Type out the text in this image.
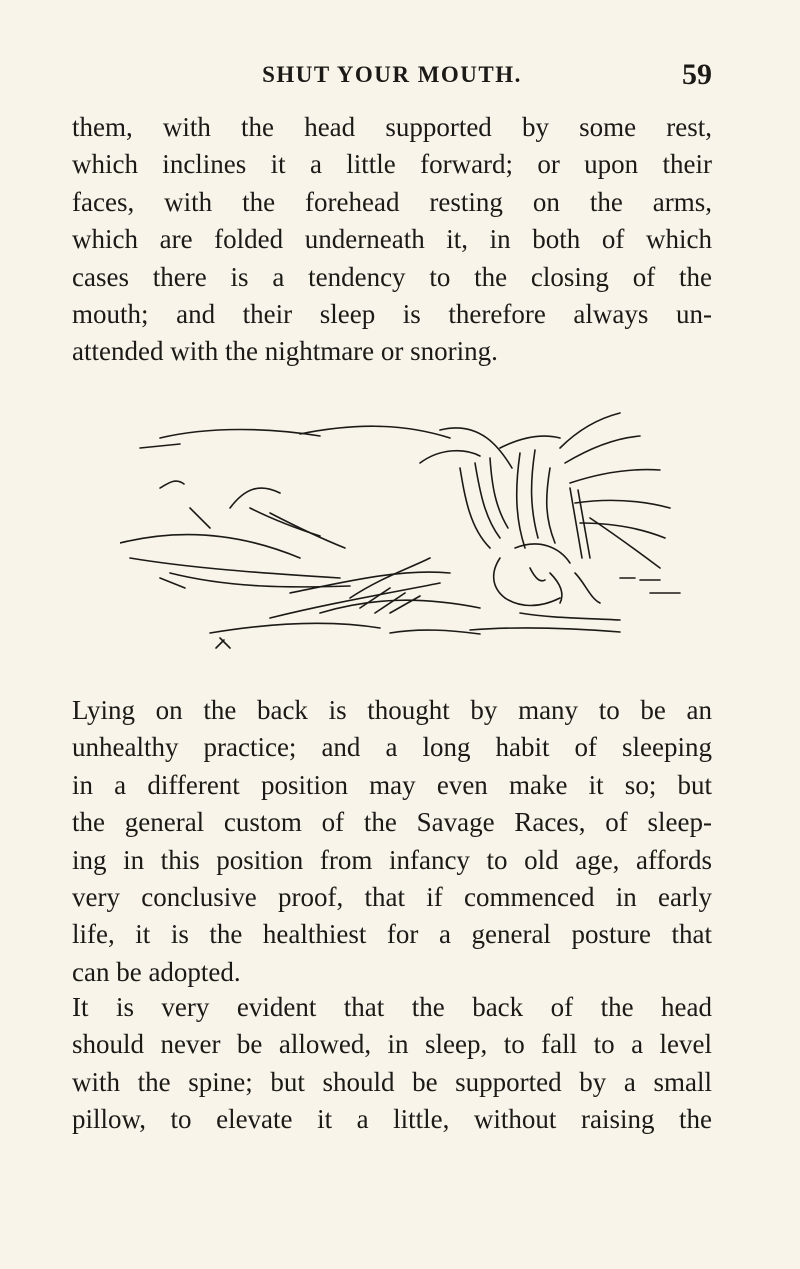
SHUT YOUR MOUTH.	59
them, with the head supported by some rest,
which inclines it a little forward; or upon their
faces, with the forehead resting on the arms,
which are folded underneath it, in both of which
cases there is a tendency to the closing of the
mouth; and their sleep is therefore always un-
attended with the nightmare or snoring.
Lying on the back is thought by many to be an
unhealthy practice; and a long habit of sleeping
in a different position may even make it so; but
the general custom of the Savage Races, of sleep-
ing in this position from infancy to old age, affords
very conclusive proof, that if commenced in early
life, it is the healthiest for a general posture that
can be adopted.
It is very evident that the back of the head
should never be allowed, in sleep, to fall to a level
with the spine; but should be supported by a small
pillow, to elevate it a little, without raising the
